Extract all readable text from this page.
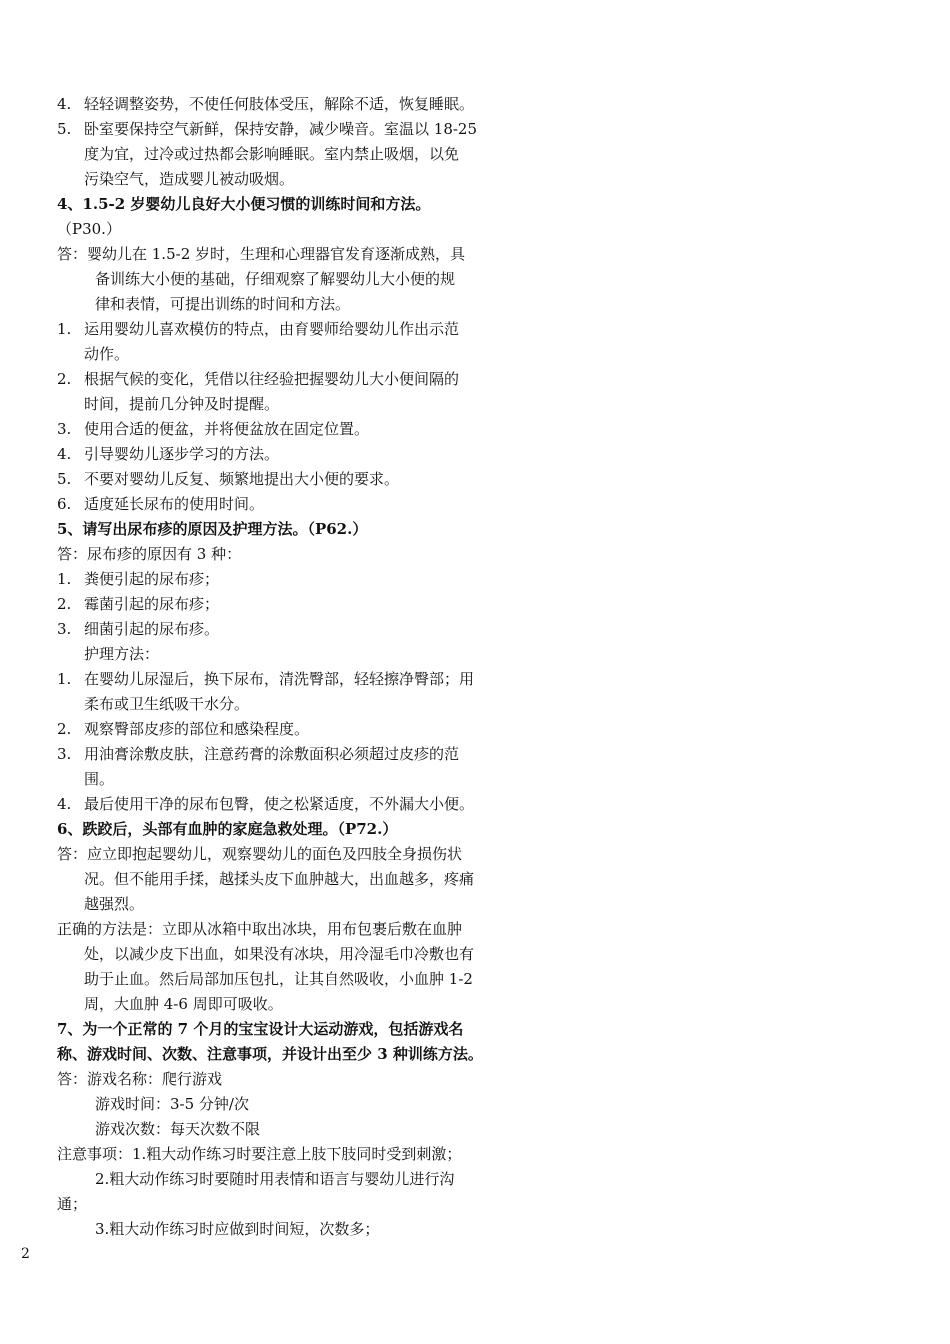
4. 轻轻调整姿势，不使任何肢体受压，解除不适，恢复睡眠。
5. 卧室要保持空气新鲜，保持安静，减少噪音。室温以 18-25
度为宜，过冷或过热都会影响睡眠。室内禁止吸烟，以免
污染空气，造成婴儿被动吸烟。
4、1.5-2 岁婴幼儿良好大小便习惯的训练时间和方法。
（P30.）
答：婴幼儿在 1.5-2 岁时，生理和心理器官发育逐渐成熟，具
备训练大小便的基础，仔细观察了解婴幼儿大小便的规
律和表情，可提出训练的时间和方法。
1. 运用婴幼儿喜欢模仿的特点，由育婴师给婴幼儿作出示范
动作。
2. 根据气候的变化，凭借以往经验把握婴幼儿大小便间隔的
时间，提前几分钟及时提醒。
3. 使用合适的便盆，并将便盆放在固定位置。
4. 引导婴幼儿逐步学习的方法。
5. 不要对婴幼儿反复、频繁地提出大小便的要求。
6. 适度延长尿布的使用时间。
5、请写出尿布疹的原因及护理方法。（P62.）
答：尿布疹的原因有 3 种：
1. 粪便引起的尿布疹；
2. 霉菌引起的尿布疹；
3. 细菌引起的尿布疹。
护理方法：
1. 在婴幼儿尿湿后，换下尿布，清洗臀部，轻轻擦净臀部；用
柔布或卫生纸吸干水分。
2. 观察臀部皮疹的部位和感染程度。
3. 用油膏涂敷皮肤，注意药膏的涂敷面积必须超过皮疹的范
围。
4. 最后使用干净的尿布包臀，使之松紧适度，不外漏大小便。
6、跌跤后，头部有血肿的家庭急救处理。（P72.）
答：应立即抱起婴幼儿，观察婴幼儿的面色及四肢全身损伤状
况。但不能用手揉，越揉头皮下血肿越大，出血越多，疼痛
越强烈。
正确的方法是：立即从冰箱中取出冰块，用布包裹后敷在血肿
处，以减少皮下出血，如果没有冰块，用冷湿毛巾冷敷也有
助于止血。然后局部加压包扎，让其自然吸收，小血肿 1-2
周，大血肿 4-6 周即可吸收。
7、为一个正常的 7 个月的宝宝设计大运动游戏，包括游戏名
称、游戏时间、次数、注意事项，并设计出至少 3 种训练方法。
答：游戏名称：爬行游戏
游戏时间：3-5 分钟/次
游戏次数：每天次数不限
注意事项：1.粗大动作练习时要注意上肢下肢同时受到刺激；
2.粗大动作练习时要随时用表情和语言与婴幼儿进行沟
通；
3.粗大动作练习时应做到时间短，次数多；
2
